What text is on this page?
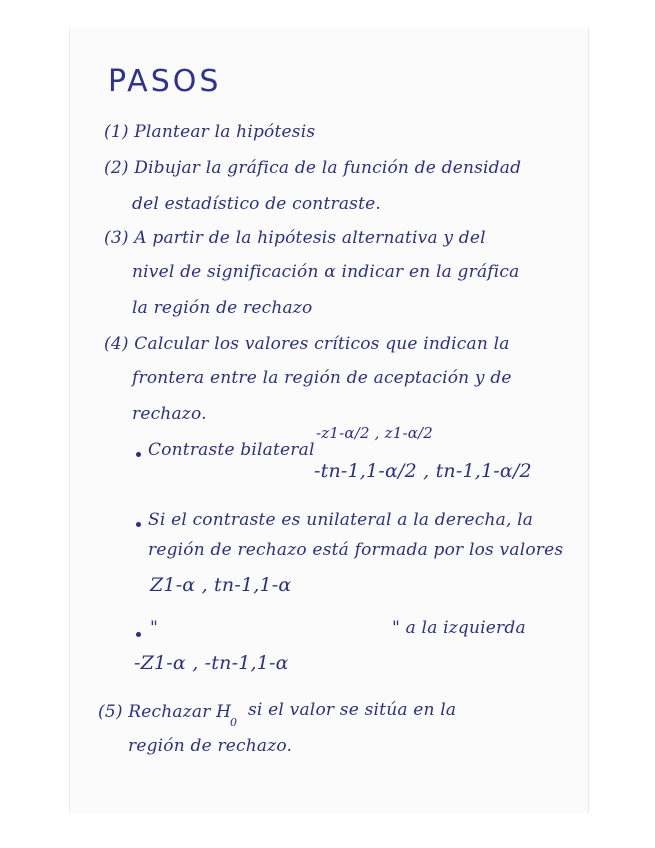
PASOS
(1) Plantear la hipótesis
(2) Dibujar la gráfica de la función de densidad
del estadístico de contraste.
(3) A partir de la hipótesis alternativa y del
nivel de significación α indicar en la gráfica
la región de rechazo
(4) Calcular los valores críticos que indican la
frontera entre la región de aceptación y de
rechazo.
Contraste bilateral
-z1-α/2 , z1-α/2
-tn-1,1-α/2 , tn-1,1-α/2
Si el contraste es unilateral a la derecha, la
región de rechazo está formada por los valores
Z1-α , tn-1,1-α
"	" a la izquierda
-Z1-α , -tn-1,1-α
(5) Rechazar H
0
si el valor se sitúa en la
región de rechazo.
